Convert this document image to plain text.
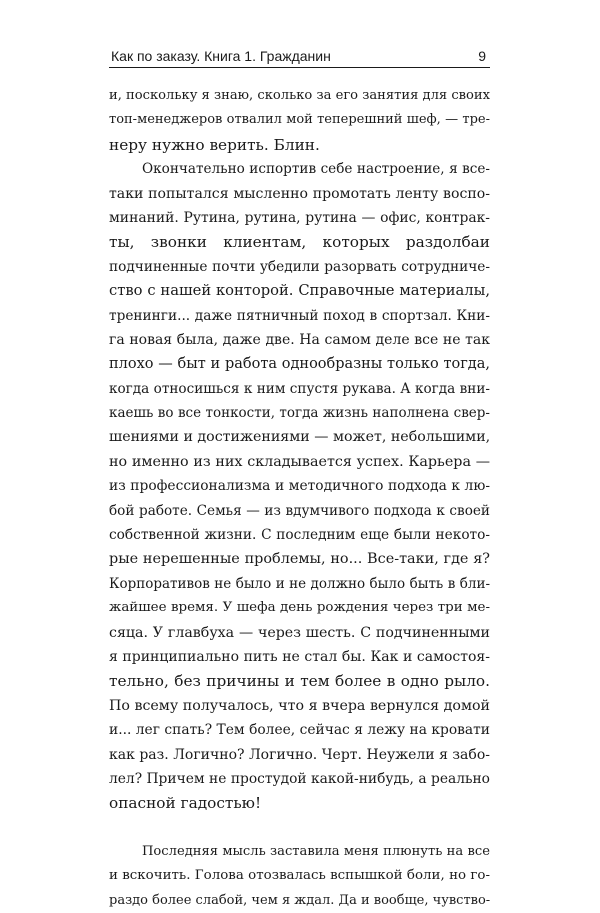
Как по заказу. Книга 1. Гражданин	9
и, поскольку я знаю, сколько за его занятия для своих
топ-менеджеров отвалил мой теперешний шеф, — тре-
неру нужно верить. Блин.
Окончательно испортив себе настроение, я все-
таки попытался мысленно промотать ленту воспо-
минаний. Рутина, рутина, рутина — офис, контрак-
ты, звонки клиентам, которых раздолбаи
подчиненные почти убедили разорвать сотрудниче-
ство с нашей конторой. Справочные материалы,
тренинги... даже пятничный поход в спортзал. Кни-
га новая была, даже две. На самом деле все не так
плохо — быт и работа однообразны только тогда,
когда относишься к ним спустя рукава. А когда вни-
каешь во все тонкости, тогда жизнь наполнена свер-
шениями и достижениями — может, небольшими,
но именно из них складывается успех. Карьера —
из профессионализма и методичного подхода к лю-
бой работе. Семья — из вдумчивого подхода к своей
собственной жизни. С последним еще были некото-
рые нерешенные проблемы, но... Все-таки, где я?
Корпоративов не было и не должно было быть в бли-
жайшее время. У шефа день рождения через три ме-
сяца. У главбуха — через шесть. С подчиненными
я принципиально пить не стал бы. Как и самостоя-
тельно, без причины и тем более в одно рыло.
По всему получалось, что я вчера вернулся домой
и... лег спать? Тем более, сейчас я лежу на кровати
как раз. Логично? Логично. Черт. Неужели я забо-
лел? Причем не простудой какой-нибудь, а реально
опасной гадостью!
Последняя мысль заставила меня плюнуть на все
и вскочить. Голова отозвалась вспышкой боли, но го-
раздо более слабой, чем я ждал. Да и вообще, чувство-
